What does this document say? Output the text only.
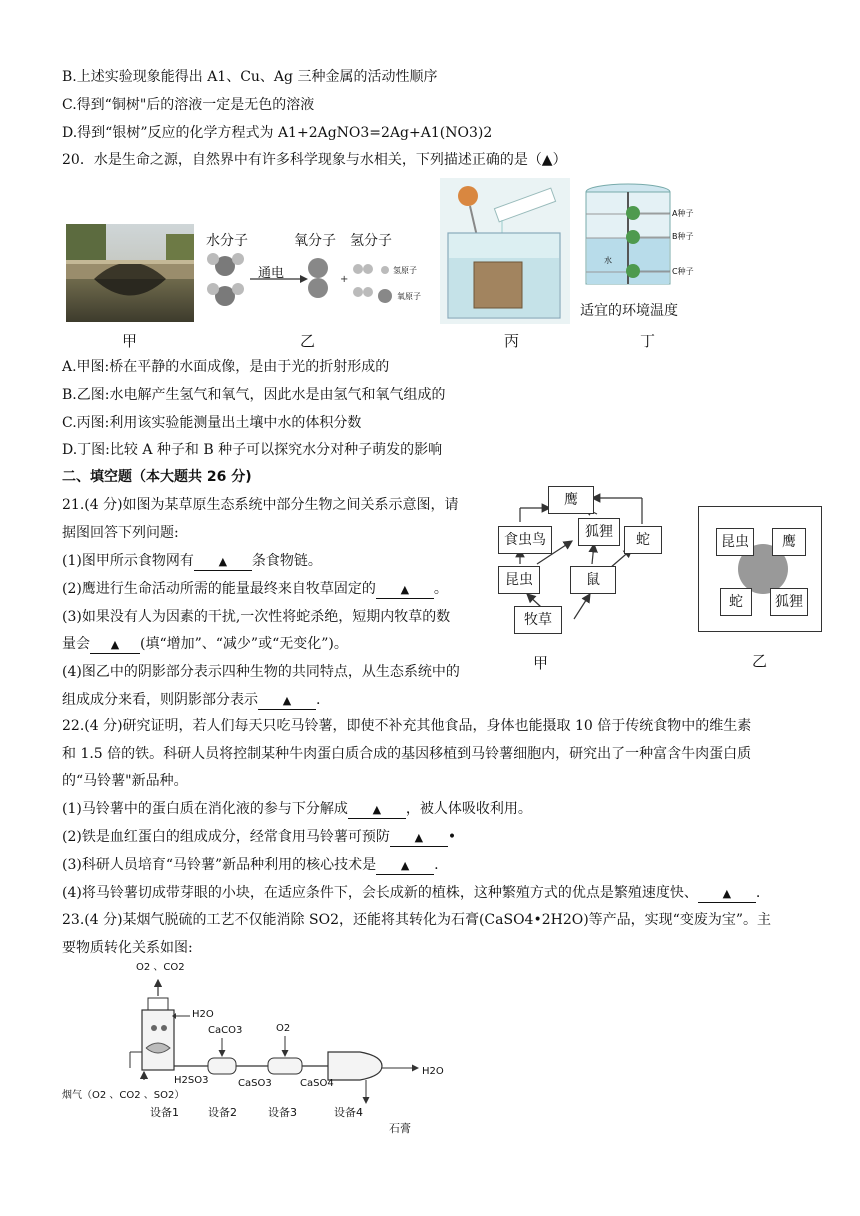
B.上述实验现象能得出 A1、Cu、Ag 三种金属的活动性顺序
C.得到“铜树"后的溶液一定是无色的溶液
D.得到“银树”反应的化学方程式为 A1+2AgNO3=2Ag+A1(NO3)2
20．水是生命之源，自然界中有许多科学现象与水相关，下列描述正确的是（▲）
+
水分子
通电
氧分子 氢分子
氢原子
氧原子
A种子
B种子
C种子
水
适宜的环境温度
甲	乙	丙	丁
A.甲图:桥在平静的水面成像，是由于光的折射形成的
B.乙图:水电解产生氢气和氧气，因此水是由氢气和氧气组成的
C.丙图:利用该实验能测量出土壤中水的体积分数
D.丁图:比较 A 种子和 B 种子可以探究水分对种子萌发的影响
二、填空题（本大题共 26 分)
21.(4 分)如图为某草原生态系统中部分生物之间关系示意图，请
据图回答下列问题:
(1)图甲所示食物网有 ▲ 条食物链。
(2)鹰进行生命活动所需的能量最终来自牧草固定的 ▲ 。
(3)如果没有人为因素的干扰,一次性将蛇杀绝，短期内牧草的数
量会 ▲ (填“增加”、“减少”或“无变化”)。
(4)图乙中的阴影部分表示四种生物的共同特点，从生态系统中的
组成成分来看，则阴影部分表示 ▲ .
鹰
食虫鸟	狐狸	蛇
昆虫	鼠
牧草
甲
昆虫	鹰
蛇	狐狸
乙
22.(4 分)研究证明，若人们每天只吃马铃薯，即使不补充其他食品，身体也能摄取 10 倍于传统食物中的维生素
和 1.5 倍的铁。科研人员将控制某种牛肉蛋白质合成的基因移植到马铃薯细胞内，研究出了一种富含牛肉蛋白质
的“马铃薯"新品种。
(1)马铃薯中的蛋白质在消化液的参与下分解成 ▲ ，被人体吸收利用。
(2)铁是血红蛋白的组成成分，经常食用马铃薯可预防 ▲ •
(3)科研人员培育“马铃薯”新品种利用的核心技术是 ▲ .
(4)将马铃薯切成带芽眼的小块，在适应条件下，会长成新的植株，这种繁殖方式的优点是繁殖速度快、 ▲ .
23.(4 分)某烟气脱硫的工艺不仅能消除 SO2，还能将其转化为石膏(CaSO4•2H2O)等产品，实现“变废为宝”。主
要物质转化关系如图:
O2 、CO2
H2O
CaCO3	O2
H2SO3	CaSO3	CaSO4
H2O
烟气（O2 、CO2 、SO2）
设备1	设备2	设备3	设备4
石膏
